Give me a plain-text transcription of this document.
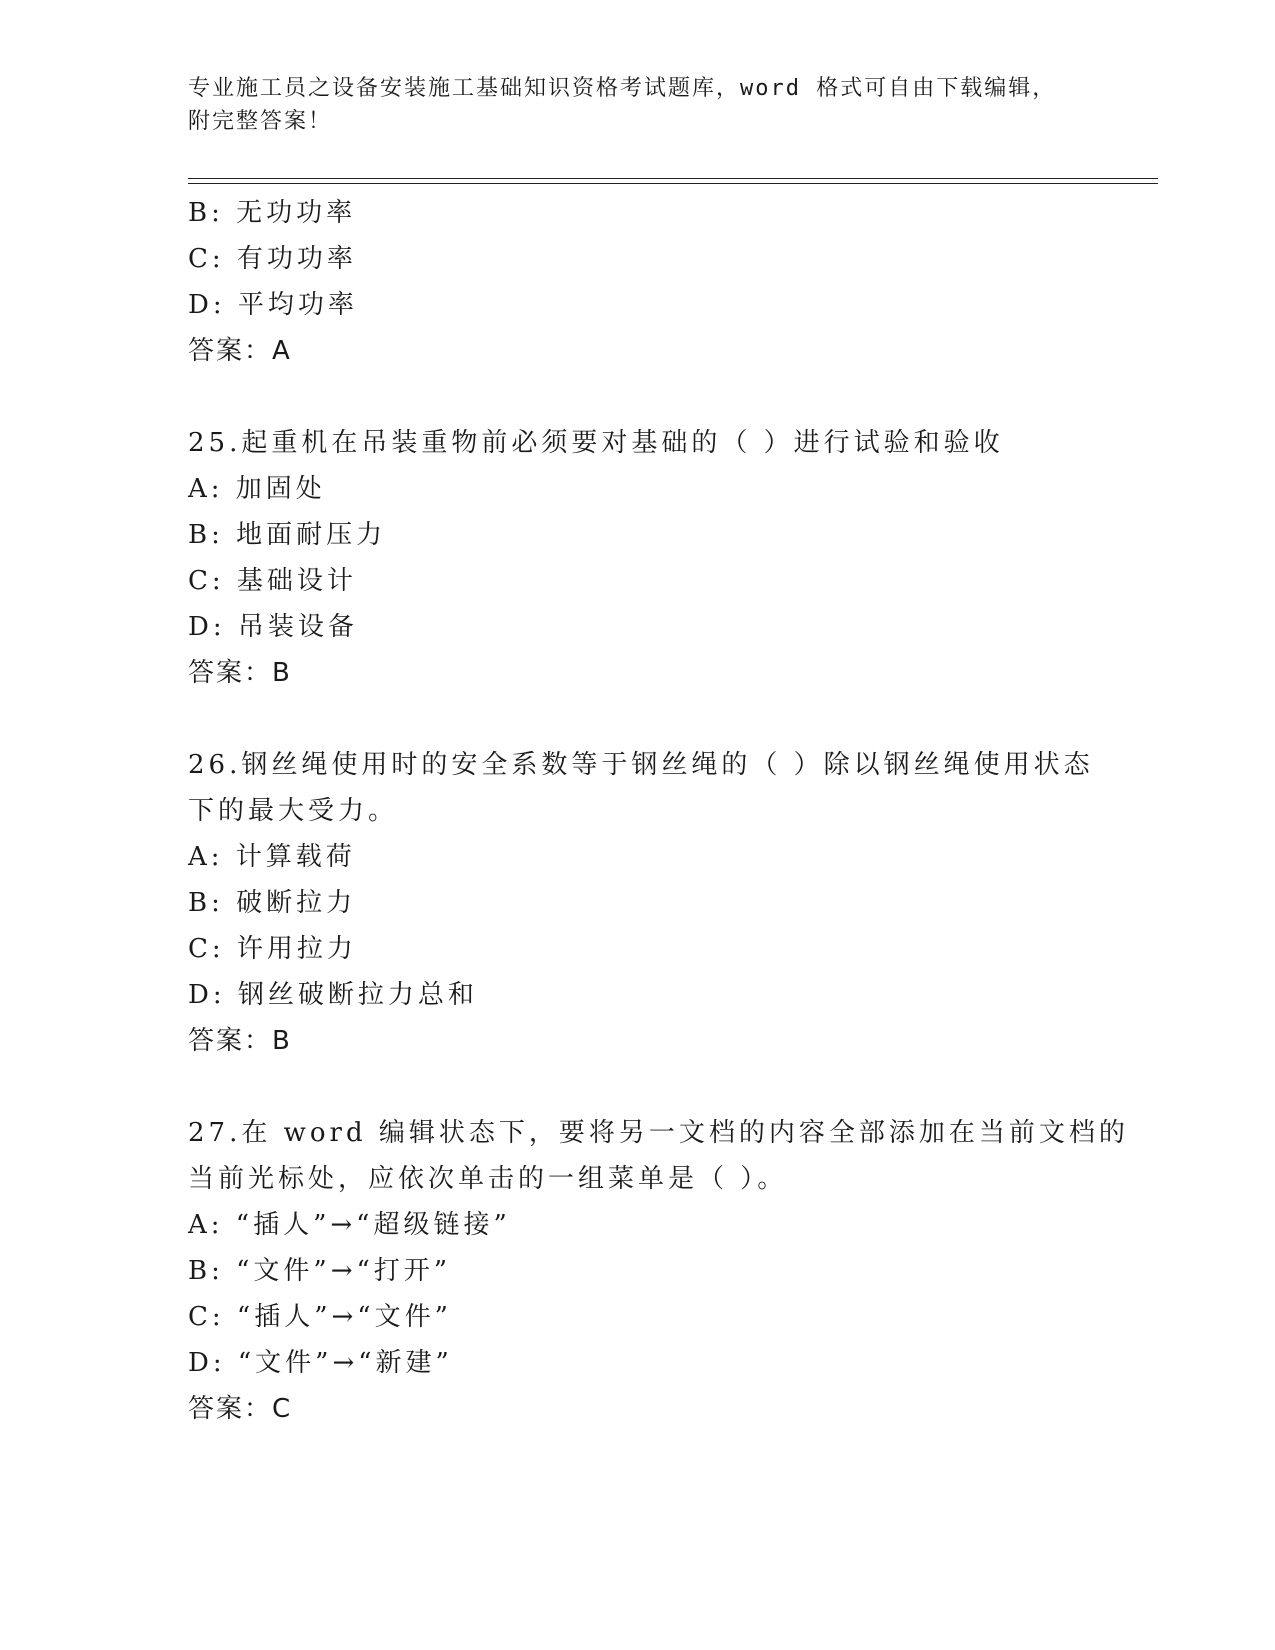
专业施工员之设备安装施工基础知识资格考试题库，word 格式可自由下载编辑，
附完整答案！
B: 无功功率
C: 有功功率
D: 平均功率
答案：A
25.起重机在吊装重物前必须要对基础的（ ）进行试验和验收
A: 加固处
B: 地面耐压力
C: 基础设计
D: 吊装设备
答案：B
26.钢丝绳使用时的安全系数等于钢丝绳的（ ）除以钢丝绳使用状态
下的最大受力。
A: 计算载荷
B: 破断拉力
C: 许用拉力
D: 钢丝破断拉力总和
答案：B
27.在 word 编辑状态下，要将另一文档的内容全部添加在当前文档的
当前光标处，应依次单击的一组菜单是（ ）。
A: “插人”→“超级链接”
B: “文件”→“打开”
C: “插人”→“文件”
D: “文件”→“新建”
答案：C
